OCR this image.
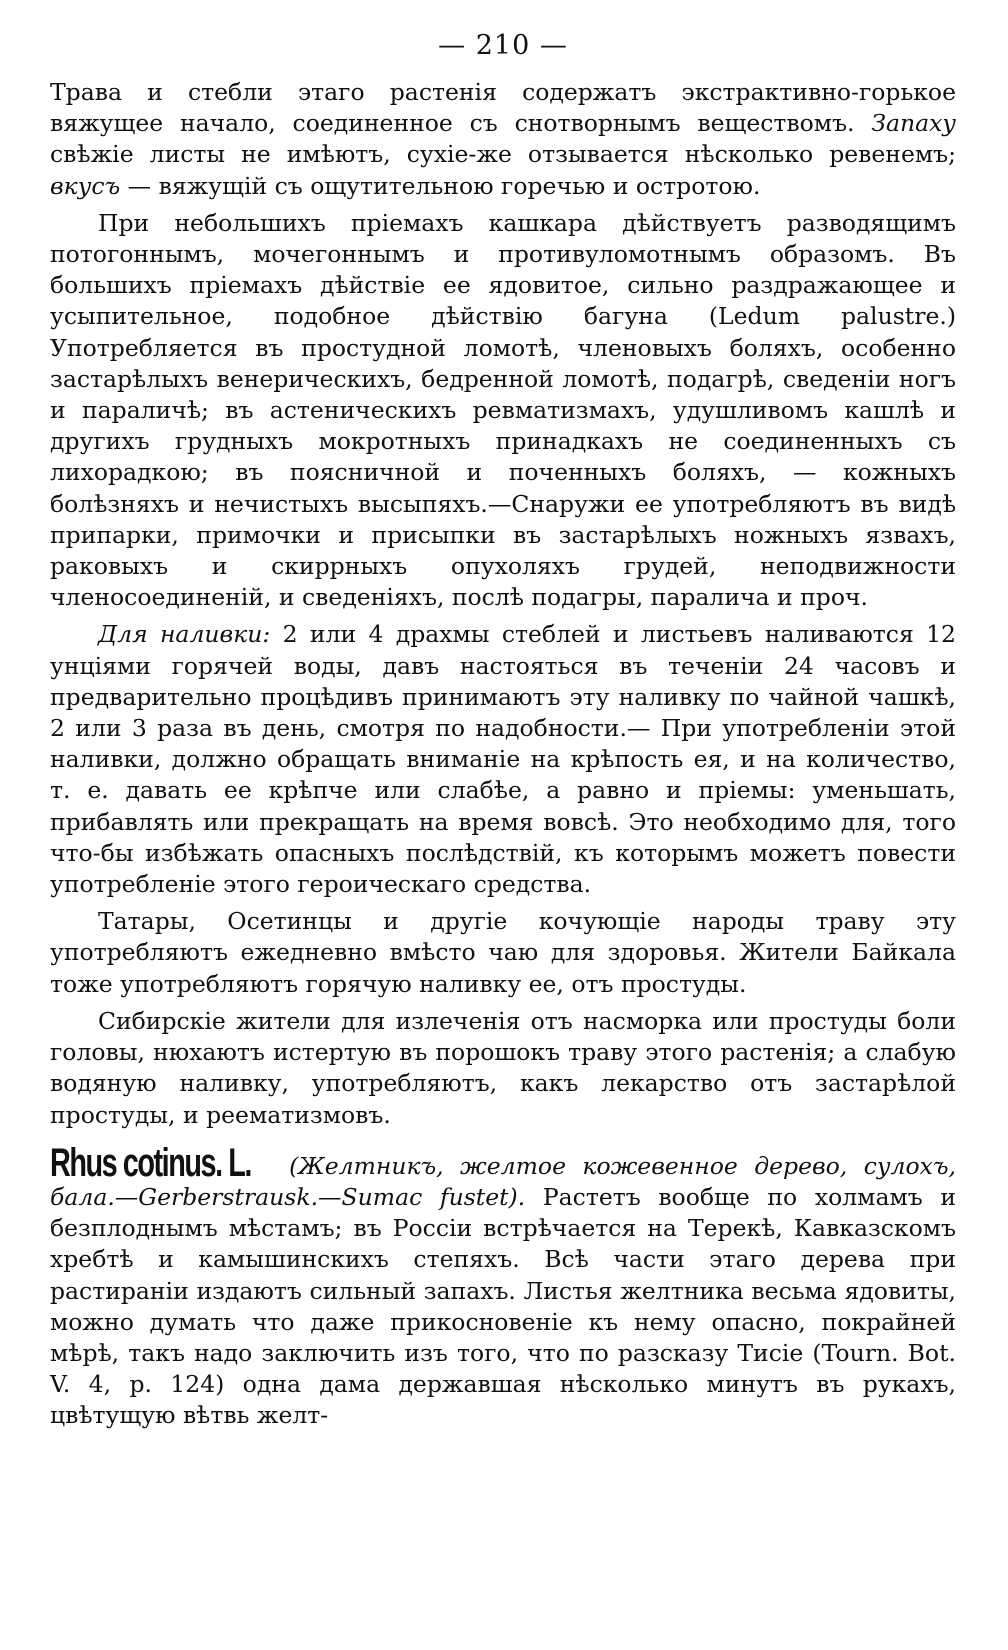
— 210 —

Трава и стебли этаго растенія содержатъ экстрактивно-горькое вяжущее начало, соединенное съ снотворнымъ веществомъ. Запаху свѣжіе листы не имѣютъ, сухіе-же отзывается нѣсколько ревенемъ; вкусъ — вяжущій съ ощутительною горечью и остротою.

При небольшихъ пріемахъ кашкара дѣйствуетъ разводящимъ потогоннымъ, мочегоннымъ и противуломотнымъ образомъ. Въ большихъ пріемахъ дѣйствіе ее ядовитое, сильно раздражающее и усыпительное, подобное дѣйствію багуна (Ledum palustre.) Употребляется въ простудной ломотѣ, членовыхъ боляхъ, особенно застарѣлыхъ венерическихъ, бедренной ломотѣ, подагрѣ, сведеніи ногъ и параличѣ; въ астеническихъ ревматизмахъ, удушливомъ кашлѣ и другихъ грудныхъ мокротныхъ принадкахъ не соединенныхъ съ лихорадкою; въ поясничной и поченныхъ боляхъ, — кожныхъ болѣзняхъ и нечистыхъ высыпяхъ.—Снаружи ее употребляютъ въ видѣ припарки, примочки и присыпки въ застарѣлыхъ ножныхъ язвахъ, раковыхъ и скиррныхъ опухоляхъ грудей, неподвижности членосоединеній, и сведеніяхъ, послѣ подагры, паралича и проч.

Для наливки: 2 или 4 драхмы стеблей и листьевъ наливаются 12 унціями горячей воды, давъ настояться въ теченіи 24 часовъ и предварительно процѣдивъ принимаютъ эту наливку по чайной чашкѣ, 2 или 3 раза въ день, смотря по надобности.— При употребленіи этой наливки, должно обращать вниманіе на крѣпость ея, и на количество, т. е. давать ее крѣпче или слабѣе, а равно и пріемы: уменьшать, прибавлять или прекращать на время вовсѣ. Это необходимо для, того что-бы избѣжать опасныхъ послѣдствій, къ которымъ можетъ повести употребленіе этого героическаго средства.

Татары, Осетинцы и другіе кочующіе народы траву эту употребляютъ ежедневно вмѣсто чаю для здоровья. Жители Байкала тоже употребляютъ горячую наливку ее, отъ простуды.

Сибирскіе жители для излеченія отъ насморка или простуды боли головы, нюхаютъ истертую въ порошокъ траву этого растенія; а слабую водяную наливку, употребляютъ, какъ лекарство отъ застарѣлой простуды, и реематизмовъ.

Rhus cotinus. L. (Желтникъ, желтое кожевенное дерево, сулохъ, бала.—Gerberstrausk.—Sumac fustet). Растетъ вообще по холмамъ и безплоднымъ мѣстамъ; въ Россіи встрѣчается на Терекѣ, Кавказскомъ хребтѣ и камышинскихъ степяхъ. Всѣ части этаго дерева при растираніи издаютъ сильный запахъ. Листья желтника весьма ядовиты, можно думать что даже прикосновеніе къ нему опасно, покрайней мѣрѣ, такъ надо заключить изъ того, что по разсказу Tиcie (Tourn. Bot. V. 4, p. 124) одна дама державшая нѣсколько минутъ въ рукахъ, цвѣтущую вѣтвь желт-
